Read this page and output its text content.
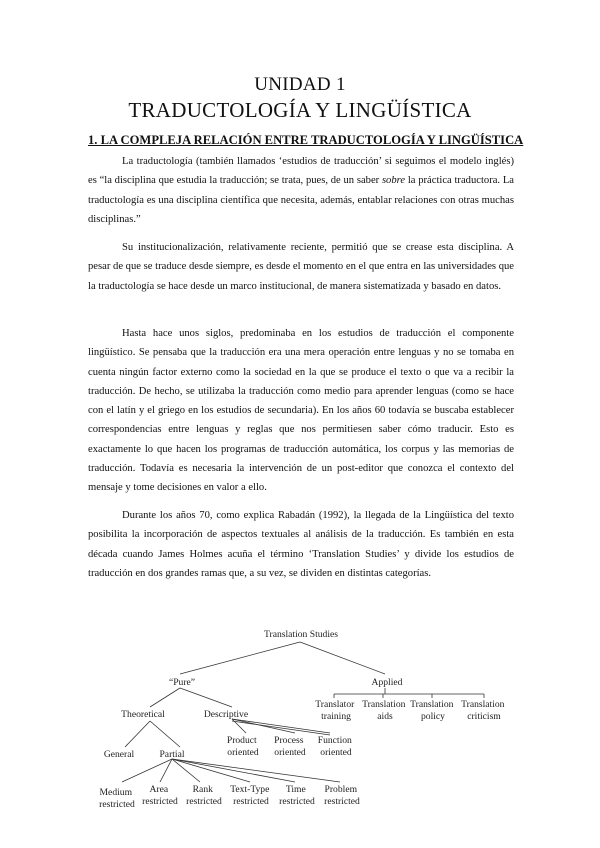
UNIDAD 1
TRADUCTOLOGÍA Y LINGÜÍSTICA
1. LA COMPLEJA RELACIÓN ENTRE TRADUCTOLOGÍA Y LINGÜÍSTICA

La traductología (también llamados ‘estudios de traducción’ si seguimos el modelo inglés) es “la disciplina que estudia la traducción; se trata, pues, de un saber sobre la práctica traductora. La traductología es una disciplina científica que necesita, además, entablar relaciones con otras muchas disciplinas.”

Su institucionalización, relativamente reciente, permitió que se crease esta disciplina. A pesar de que se traduce desde siempre, es desde el momento en el que entra en las universidades que la traductología se hace desde un marco institucional, de manera sistematizada y basado en datos.

Hasta hace unos siglos, predominaba en los estudios de traducción el componente lingüístico. Se pensaba que la traducción era una mera operación entre lenguas y no se tomaba en cuenta ningún factor externo como la sociedad en la que se produce el texto o que va a recibir la traducción. De hecho, se utilizaba la traducción como medio para aprender lenguas (como se hace con el latín y el griego en los estudios de secundaria). En los años 60 todavía se buscaba establecer correspondencias entre lenguas y reglas que nos permitiesen saber cómo traducir. Esto es exactamente lo que hacen los programas de traducción automática, los corpus y las memorias de traducción. Todavía es necesaria la intervención de un post-editor que conozca el contexto del mensaje y tome decisiones en valor a ello.

Durante los años 70, como explica Rabadán (1992), la llegada de la Lingüística del texto posibilita la incorporación de aspectos textuales al análisis de la traducción. Es también en esta década cuando James Holmes acuña el término ‘Translation Studies’ y divide los estudios de traducción en dos grandes ramas que, a su vez, se dividen en distintas categorías.

Translation Studies
“Pure”	Applied
Theoretical	Descriptive
General	Partial
Product oriented
Process oriented
Function oriented
Translator training
Translation aids
Translation policy
Translation criticism
Medium restricted
Area restricted
Rank restricted
Text-Type restricted
Time restricted
Problem restricted
